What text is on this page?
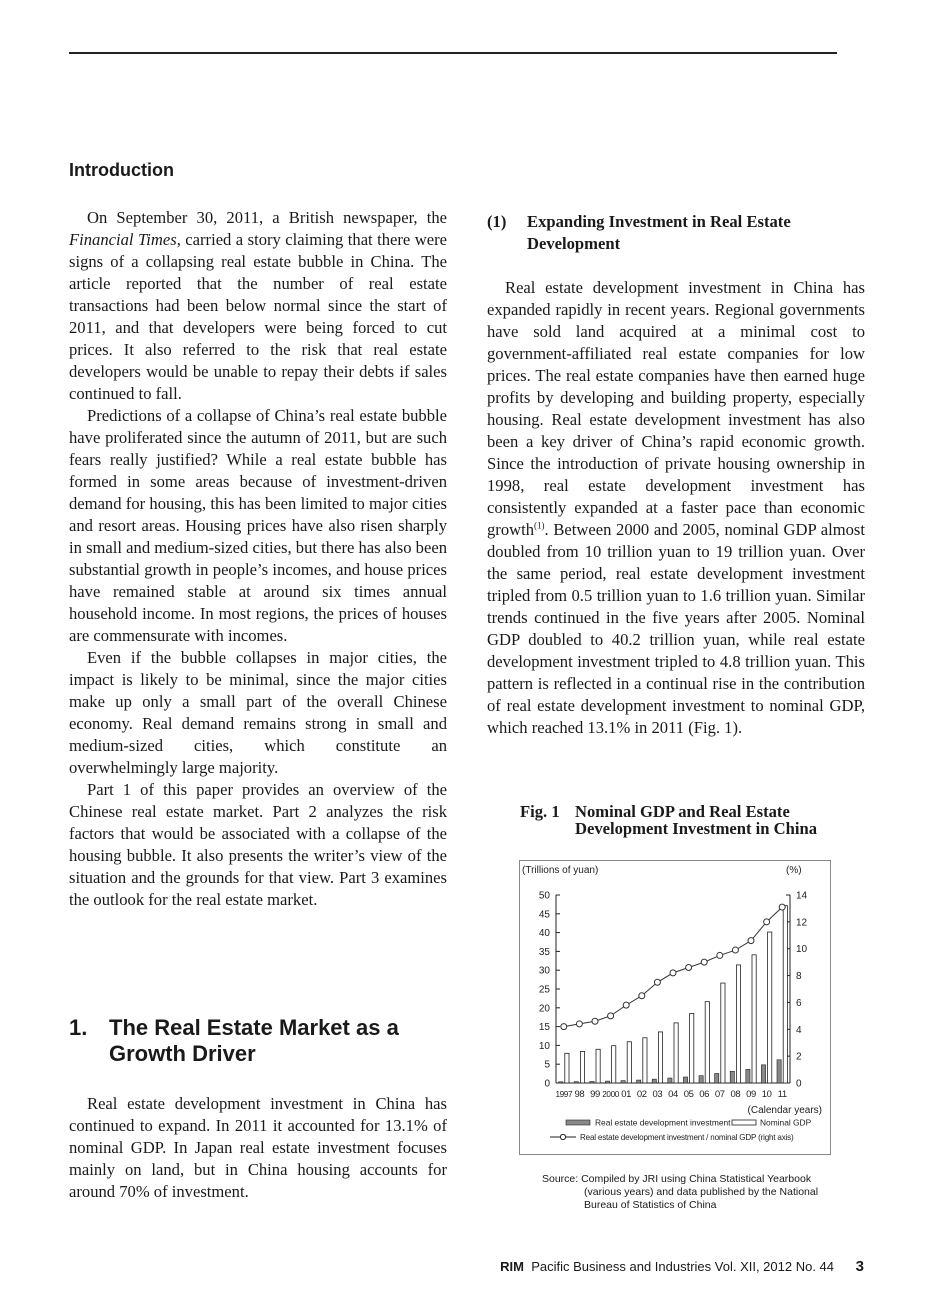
Introduction

On September 30, 2011, a British newspaper, the Financial Times, carried a story claiming that there were signs of a collapsing real estate bubble in China. The article reported that the number of real estate transactions had been below normal since the start of 2011, and that developers were being forced to cut prices. It also referred to the risk that real estate developers would be unable to repay their debts if sales continued to fall.

Predictions of a collapse of China’s real estate bubble have proliferated since the autumn of 2011, but are such fears really justified? While a real estate bubble has formed in some areas because of investment-driven demand for housing, this has been limited to major cities and resort areas. Housing prices have also risen sharply in small and medium-sized cities, but there has also been substantial growth in people’s incomes, and house prices have remained stable at around six times annual household income. In most regions, the prices of houses are commensurate with incomes.

Even if the bubble collapses in major cities, the impact is likely to be minimal, since the major cities make up only a small part of the overall Chinese economy. Real demand remains strong in small and medium-sized cities, which constitute an overwhelmingly large majority.

Part 1 of this paper provides an overview of the Chinese real estate market. Part 2 analyzes the risk factors that would be associated with a collapse of the housing bubble. It also presents the writer’s view of the situation and the grounds for that view. Part 3 examines the outlook for the real estate market.

1. The Real Estate Market as a Growth Driver

Real estate development investment in China has continued to expand. In 2011 it accounted for 13.1% of nominal GDP. In Japan real estate investment focuses mainly on land, but in China housing accounts for around 70% of investment.

(1) Expanding Investment in Real Estate Development

Real estate development investment in China has expanded rapidly in recent years. Regional governments have sold land acquired at a minimal cost to government-affiliated real estate companies for low prices. The real estate companies have then earned huge profits by developing and building property, especially housing. Real estate development investment has also been a key driver of China’s rapid economic growth. Since the introduction of private housing ownership in 1998, real estate development investment has consistently expanded at a faster pace than economic growth$^{(1)}$. Between 2000 and 2005, nominal GDP almost doubled from 10 trillion yuan to 19 trillion yuan. Over the same period, real estate development investment tripled from 0.5 trillion yuan to 1.6 trillion yuan. Similar trends continued in the five years after 2005. Nominal GDP doubled to 40.2 trillion yuan, while real estate development investment tripled to 4.8 trillion yuan. This pattern is reflected in a continual rise in the contribution of real estate development investment to nominal GDP, which reached 13.1% in 2011 (Fig. 1).

Fig. 1 Nominal GDP and Real Estate Development Investment in China
(Trillions of yuan)	(%)
0
5
10
15
20
25
30
35
40
45
50
0
2
4
6
8
10
12
14
1997 98 99 2000 01 02 03 04 05 06 07 08 09 10 11
(Calendar years)
Real estate development investment	Nominal GDP
Real estate development investment / nominal GDP (right axis)
Source: Compiled by JRI using China Statistical Yearbook
(various years) and data published by the National
Bureau of Statistics of China
RIM Pacific Business and Industries Vol. XII, 2012 No. 44 3
